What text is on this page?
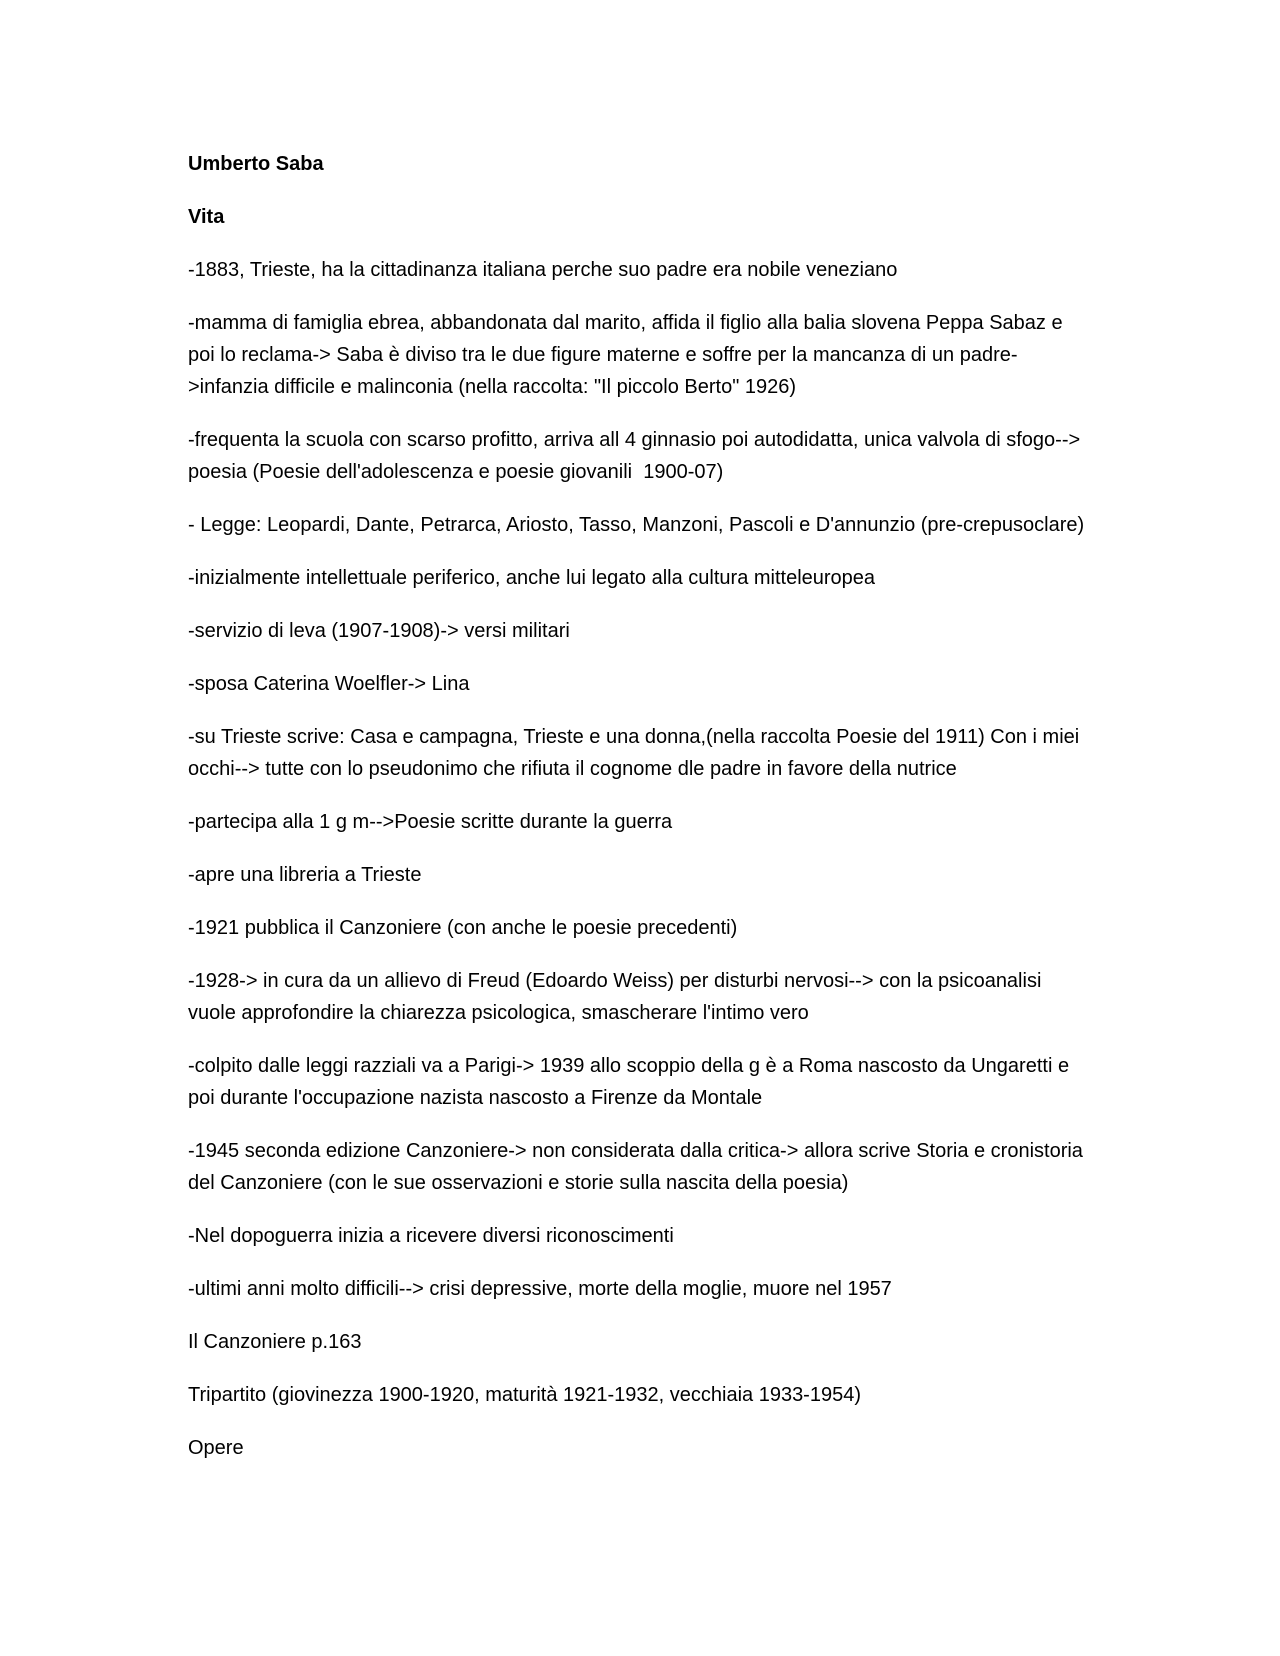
Umberto Saba

Vita

-1883, Trieste, ha la cittadinanza italiana perche suo padre era nobile veneziano

-mamma di famiglia ebrea, abbandonata dal marito, affida il figlio alla balia slovena Peppa Sabaz e poi lo reclama-> Saba è diviso tra le due figure materne e soffre per la mancanza di un padre->infanzia difficile e malinconia (nella raccolta: "Il piccolo Berto" 1926)

-frequenta la scuola con scarso profitto, arriva all 4 ginnasio poi autodidatta, unica valvola di sfogo--> poesia (Poesie dell'adolescenza e poesie giovanili  1900-07)

- Legge: Leopardi, Dante, Petrarca, Ariosto, Tasso, Manzoni, Pascoli e D'annunzio (pre-crepusoclare)

-inizialmente intellettuale periferico, anche lui legato alla cultura mitteleuropea

-servizio di leva (1907-1908)-> versi militari

-sposa Caterina Woelfler-> Lina

-su Trieste scrive: Casa e campagna, Trieste e una donna,(nella raccolta Poesie del 1911) Con i miei occhi--> tutte con lo pseudonimo che rifiuta il cognome dle padre in favore della nutrice

-partecipa alla 1 g m-->Poesie scritte durante la guerra

-apre una libreria a Trieste

-1921 pubblica il Canzoniere (con anche le poesie precedenti)

-1928-> in cura da un allievo di Freud (Edoardo Weiss) per disturbi nervosi--> con la psicoanalisi vuole approfondire la chiarezza psicologica, smascherare l'intimo vero

-colpito dalle leggi razziali va a Parigi-> 1939 allo scoppio della g è a Roma nascosto da Ungaretti e poi durante l'occupazione nazista nascosto a Firenze da Montale

-1945 seconda edizione Canzoniere-> non considerata dalla critica-> allora scrive Storia e cronistoria del Canzoniere (con le sue osservazioni e storie sulla nascita della poesia)

-Nel dopoguerra inizia a ricevere diversi riconoscimenti

-ultimi anni molto difficili--> crisi depressive, morte della moglie, muore nel 1957

Il Canzoniere p.163

Tripartito (giovinezza 1900-1920, maturità 1921-1932, vecchiaia 1933-1954)

Opere
